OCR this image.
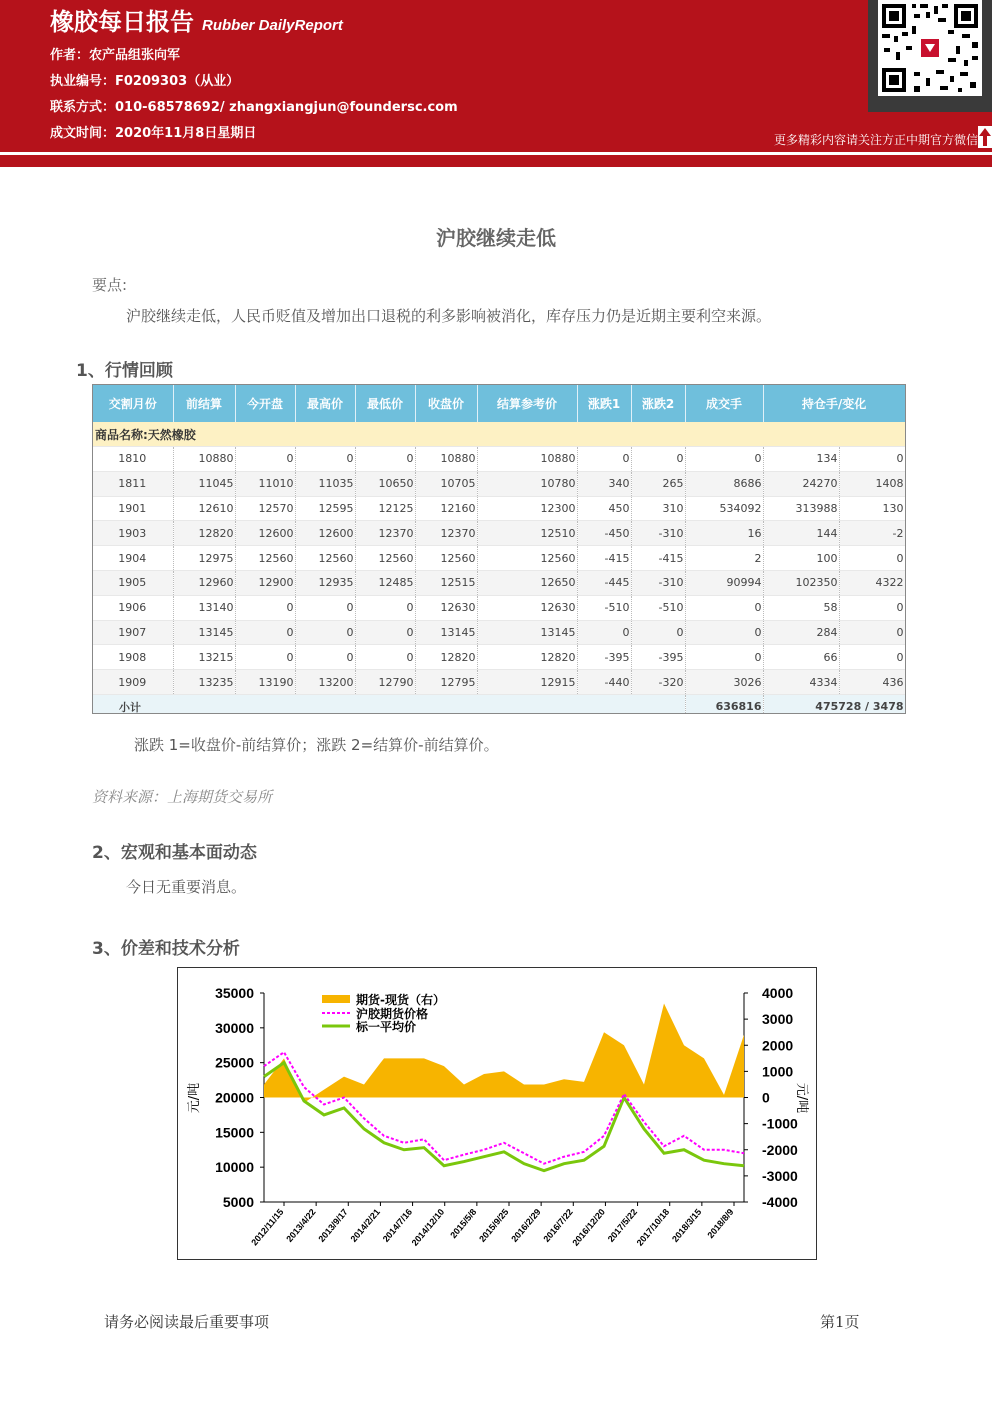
橡胶每日报告 Rubber DailyReport
作者：农产品组张向军
执业编号：F0209303（从业）
联系方式：010-68578692/ zhangxiangjun@foundersc.com
成文时间：2020年11月8日星期日	更多精彩内容请关注方正中期官方微信
沪胶继续走低
要点:
沪胶继续走低，人民币贬值及增加出口退税的利多影响被消化，库存压力仍是近期主要利空来源。
1、行情回顾
交割月份	前结算	今开盘	最高价	最低价	收盘价	结算参考价	涨跌1	涨跌2	成交手	持仓手/变化	
商品名称:天然橡胶											
1810	10880	0	0	0	10880	10880	0	0	0	134	0
1811	11045	11010	11035	10650	10705	10780	340	265	8686	24270	1408
1901	12610	12570	12595	12125	12160	12300	450	310	534092	313988	130
1903	12820	12600	12600	12370	12370	12510	-450	-310	16	144	-2
1904	12975	12560	12560	12560	12560	12560	-415	-415	2	100	0
1905	12960	12900	12935	12485	12515	12650	-445	-310	90994	102350	4322
1906	13140	0	0	0	12630	12630	-510	-510	0	58	0
1907	13145	0	0	0	13145	13145	0	0	0	284	0
1908	13215	0	0	0	12820	12820	-395	-395	0	66	0
1909	13235	13190	13200	12790	12795	12915	-440	-320	3026	4334	436
小计									636816	475728 / 3478	
涨跌 1=收盘价-前结算价；涨跌 2=结算价-前结算价。
资料来源：上海期货交易所
2、宏观和基本面动态
今日无重要消息。
3、价差和技术分析
35000
30000
25000
20000
15000
10000
5000
4000
3000
2000
1000
0
-1000
-2000
-3000
-4000
元/吨	元/吨
2012/11/15
2013/4/22
2013/9/17
2014/2/21
2014/7/16
2014/12/10 2015/5/8
2015/9/25
2016/2/29
2016/7/22
2016/12/20
2017/5/22
2017/10/18
2018/3/15 2018/8/9
期货-现货（右）
沪胶期货价格
标一平均价
请务必阅读最后重要事项	第1页
